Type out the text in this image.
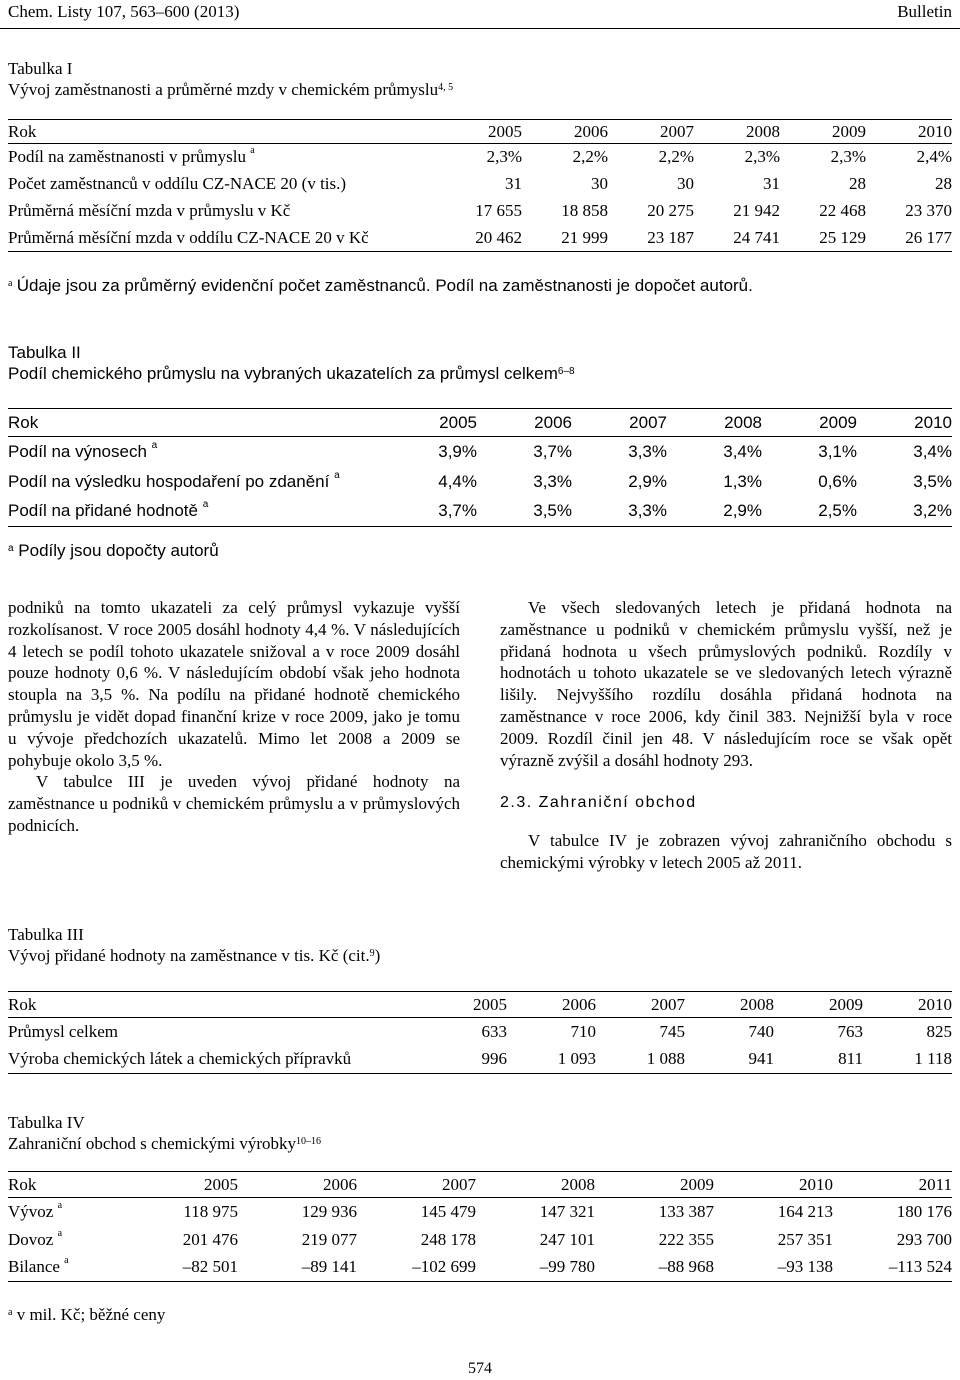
Chem. Listy 107, 563–600 (2013)	Bulletin
Tabulka I
Vývoj zaměstnanosti a průměrné mzdy v chemickém průmyslu$^{4, 5}$
Rok	2005	2006	2007	2008	2009	2010
Podíl na zaměstnanosti v průmyslu $^a$	2,3%	2,2%	2,2%	2,3%	2,3%	2,4%
Počet zaměstnanců v oddílu CZ-NACE 20 (v tis.)	31	30	30	31	28	28
Průměrná měsíční mzda v průmyslu v Kč	17 655	18 858	20 275	21 942	22 468	23 370
Průměrná měsíční mzda v oddílu CZ-NACE 20 v Kč	20 462	21 999	23 187	24 741	25 129	26 177
$^a$ Údaje jsou za průměrný evidenční počet zaměstnanců. Podíl na zaměstnanosti je dopočet autorů.
Tabulka II
Podíl chemického průmyslu na vybraných ukazatelích za průmysl celkem$^{6-8}$
Rok	2005	2006	2007	2008	2009	2010
Podíl na výnosech $^a$	3,9%	3,7%	3,3%	3,4%	3,1%	3,4%
Podíl na výsledku hospodaření po zdanění $^a$	4,4%	3,3%	2,9%	1,3%	0,6%	3,5%
Podíl na přidané hodnotě $^a$	3,7%	3,5%	3,3%	2,9%	2,5%	3,2%
$^a$ Podíly jsou dopočty autorů

podniků na tomto ukazateli za celý průmysl vykazuje vyšší rozkolísanost. V roce 2005 dosáhl hodnoty 4,4 %. V následujících 4 letech se podíl tohoto ukazatele snižoval a v roce 2009 dosáhl pouze hodnoty 0,6 %. V následujícím období však jeho hodnota stoupla na 3,5 %. Na podílu na přidané hodnotě chemického průmyslu je vidět dopad finanční krize v roce 2009, jako je tomu u vývoje předchozích ukazatelů. Mimo let 2008 a 2009 se pohybuje okolo 3,5 %.

V tabulce III je uveden vývoj přidané hodnoty na zaměstnance u podniků v chemickém průmyslu a v průmyslových podnicích.

Ve všech sledovaných letech je přidaná hodnota na zaměstnance u podniků v chemickém průmyslu vyšší, než je přidaná hodnota u všech průmyslových podniků. Rozdíly v hodnotách u tohoto ukazatele se ve sledovaných letech výrazně lišily. Nejvyššího rozdílu dosáhla přidaná hodnota na zaměstnance v roce 2006, kdy činil 383. Nejnižší byla v roce 2009. Rozdíl činil jen 48. V následujícím roce se však opět výrazně zvýšil a dosáhl hodnoty 293.

2.3. Zahraniční obchod

V tabulce IV je zobrazen vývoj zahraničního obchodu s chemickými výrobky v letech 2005 až 2011.

Tabulka III
Vývoj přidané hodnoty na zaměstnance v tis. Kč (cit.$^9$)
Rok	2005	2006	2007	2008	2009	2010
Průmysl celkem	633	710	745	740	763	825
Výroba chemických látek a chemických přípravků	996	1 093	1 088	941	811	1 118
Tabulka IV
Zahraniční obchod s chemickými výrobky$^{10-16}$
Rok	2005	2006	2007	2008	2009	2010	2011
Vývoz $^a$	118 975	129 936	145 479	147 321	133 387	164 213	180 176
Dovoz $^a$	201 476	219 077	248 178	247 101	222 355	257 351	293 700
Bilance $^a$	–82 501	–89 141	–102 699	–99 780	–88 968	–93 138	–113 524
$^a$ v mil. Kč; běžné ceny
574
